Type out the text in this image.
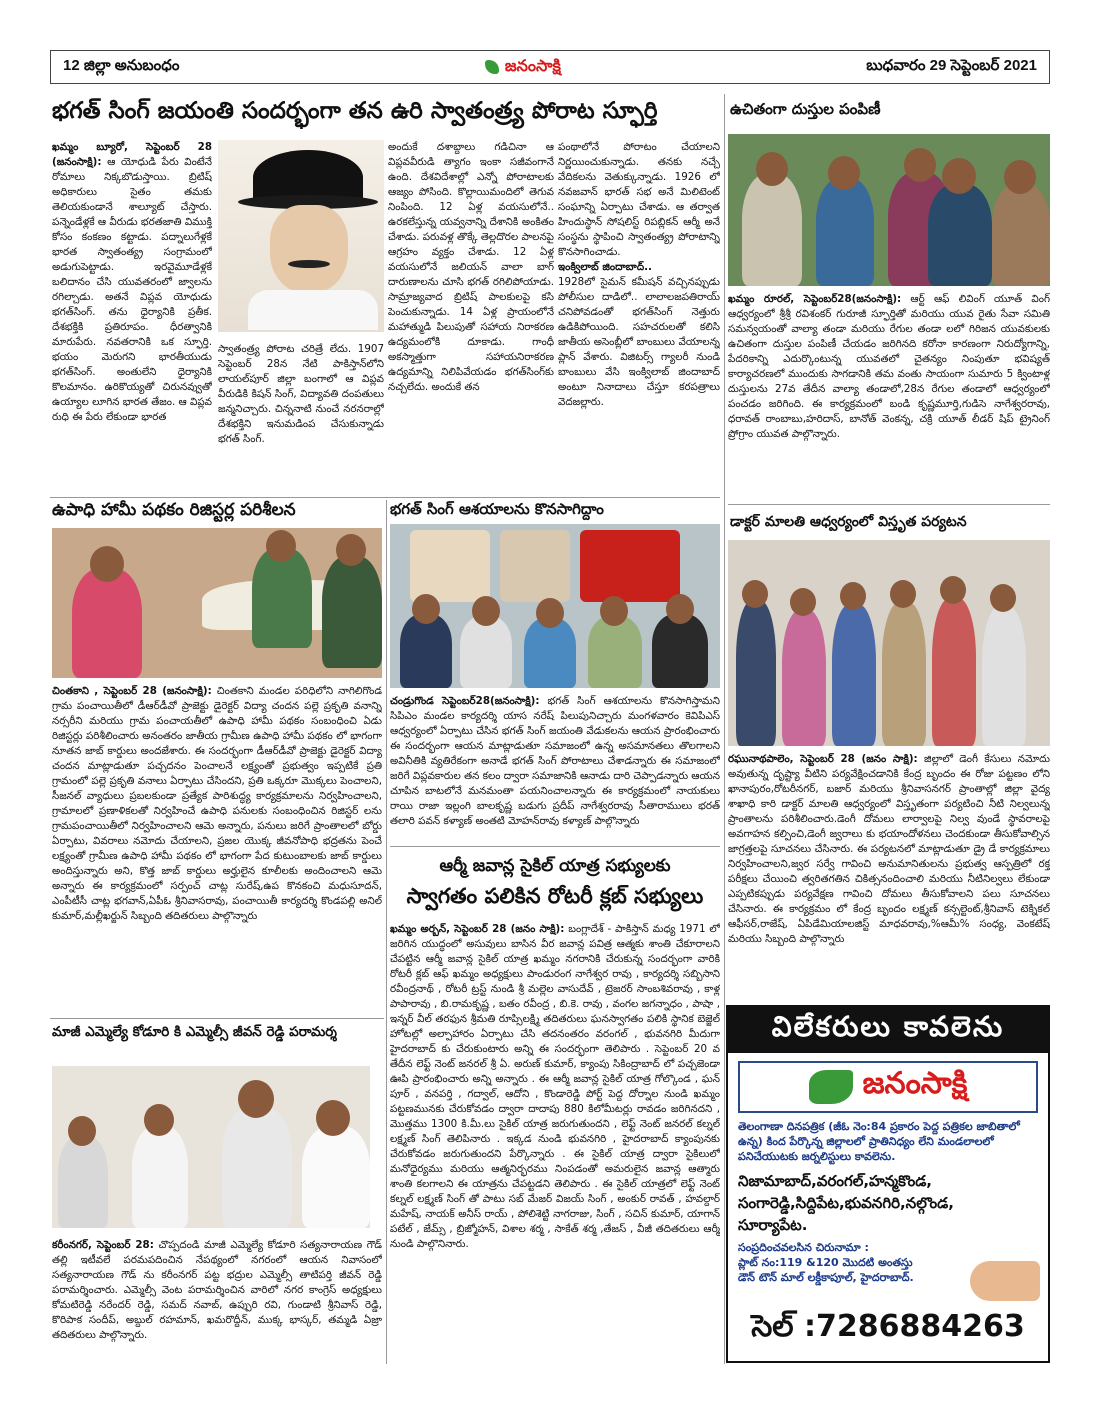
12 జిల్లా అనుబంధం	జనంసాక్షి	బుధవారం 29 సెప్టెంబర్ 2021
భగత్ సింగ్ జయంతి సందర్భంగా తన ఉరి స్వాతంత్ర్య పోరాట స్ఫూర్తి
ఖమ్మం బ్యూరో, సెప్టెంబర్ 28 (జనంసాక్షి): ఆ యోధుడి పేరు వింటేనే రోమాలు నిక్కబొడుస్తాయి. బ్రిటిష్ అధికారులు సైతం తమకు తెలియకుండానే శాల్యూట్ చేస్తారు. పన్నెండేళ్లకే ఆ వీరుడు భరతజాతి విముక్తి కోసం కంకణం కట్టాడు. పద్నాలుగేళ్లకే భారత స్వాతంత్య్ర సంగ్రామంలో అడుగుపెట్టాడు. ఇరవైమూడేళ్లకే బలిదానం చేసి యువతరంలో జ్వాలను రగిల్చాడు. అతనే విప్లవ యోధుడు భగత్‌సింగ్. తను ధైర్యానికి ప్రతీక. దేశభక్తికి ప్రతిరూపం. ధీరత్వానికి మారుపేరు. నవతరానికి ఒక స్ఫూర్తి. భయం మెరుగని భారతీయుడు భగత్‌సింగ్. అంతులేని ధైర్యానికి కొలమానం. ఉరికొయ్యతో చిరునవ్వుతో ఉయ్యాల లూగిన భారత తేజం. ఆ విప్లవ రుధి ఈ పేరు లేకుండా భారత
స్వాతంత్ర్య పోరాట చరిత్రే లేదు. 1907 సెప్టెంబర్ 28న నేటి పాకిస్తాన్‌లోని లాయల్‌పూర్ జిల్లా బంగాలో ఆ విప్లవ వీరుడికి కిషన్ సింగ్, విద్యావతి దంపతులు జన్మనిచ్చారు. చిన్ననాటి నుంచే నరనరాల్లో దేశభక్తిని ఇనుమడింప చేసుకున్నాడు భగత్ సింగ్.
అందుకే దశాబ్దాలు గడిచినా ఆ విప్లవవీరుడి త్యాగం ఇంకా సజీవంగానే ఉంది. దేశవిదేశాల్లో ఎన్నో పోరాటాలకు ఆజ్యం పోసింది. కొల్లాయిమందిలో తెగువ నింపింది. 12 ఏళ్ల వయసులోనే.. ఉరకలేస్తున్న యవ్వనాన్ని దేశానికి అంకితం చేశాడు. పరువళ్ల తొక్కే తెల్లదొరల పాలనపై ఆగ్రహం వ్యక్తం చేశాడు. 12 ఏళ్ల వయసులోనే జలియన్ వాలా బాగ్ దారుణాలను చూసి భగత్ రగిలిపోయాడు. సామ్రాజ్యవాద బ్రిటిష్ పాలకులపై కసి పెంచుకున్నాడు. 14 ఏళ్ల ప్రాయంలోనే మహాత్ముడి పిలుపుతో సహాయ నిరాకరణ ఉద్యమంలోకి దూకాడు. గాంధీ అకస్మాత్తుగా సహాయనిరాకరణ ఉద్యమాన్ని నిలిపివేయడం భగత్‌సింగ్‌కు నచ్చలేదు. అందుకే తన
పంథాలోనే పోరాటం చేయాలని నిర్ణయించుకున్నాడు. తనకు నచ్చే వేదికలను వెతుక్కున్నాడు. 1926 లో నవజవాన్ భారత్ సభ అనే మిలిటెంట్ సంఘాన్ని ఏర్పాటు చేశాడు. ఆ తర్వాత హిందుస్థాన్ సోషలిస్ట్ రిపబ్లికన్ ఆర్మీ అనే సంస్థను స్థాపించి స్వాతంత్య్ర పోరాటాన్ని కొనసాగించాడు.
ఇంక్విలాబ్ జిందాబాద్..
1928లో సైమన్ కమీషన్ వచ్చినప్పుడు పోలీసుల దాడిలో.. లాలాలజపతిరాయ్ చనిపోవడంతో భగత్‌సింగ్ నెత్తురు ఉడికిపోయింది. సహచరులతో కలిసి జాతీయ అసెంబ్లీలో బాంబులు వేయాలన్న ప్లాన్ వేశారు. విజిటర్స్ గ్యాలరీ నుండి బాంబులు వేసి ఇంక్విలాబ్ జిందాబాద్ అంటూ నినాదాలు చేస్తూ కరపత్రాలు వెదజల్లారు.
ఉచితంగా దుస్తుల పంపిణీ
ఖమ్మం రూరల్, సెప్టెంబర్28(జనంసాక్షి): ఆర్ట్ ఆఫ్ లివింగ్ యూత్ వింగ్ ఆధ్వర్యంలో శ్రీశ్రీ రవిశంకర్ గురూజీ స్ఫూర్తితో మరియు యువ రైతు సేవా సమితి సమన్వయంతో వాల్యా తండా మరియు రేగుల తండా లలో గిరిజన యువకులకు ఉచితంగా దుస్తుల పంపిణీ చేయడం జరిగినది కరోనా కారణంగా నిరుద్యోగాన్ని, పేదరికాన్ని ఎదుర్కొంటున్న యువతలో చైతన్యం నింపుతూ భవిష్యత్ కార్యాచరణలో ముందుకు సాగడానికి తమ వంతు సాయంగా సుమారు 5 క్వింటాళ్ల దుస్తులను 27వ తేదీన వాల్యా తండాలో,28న రేగుల తండాలో ఆధ్వర్యంలో పంచడం జరిగింది. ఈ కార్యక్రమంలో బండి కృష్ణమూర్తి,గుడిసె నాగేశ్వరరావు, ధరావత్ రాంబాబు,హరిదాస్, బానోత్ వెంకన్న, చక్రి యూత్ లీడర్ షిప్ ట్రైనింగ్ ప్రోగ్రాం యువత పాల్గొన్నారు.
ఉపాధి హామీ పథకం రిజిస్టర్ల పరిశీలన
చింతకాని , సెప్టెంబర్ 28 (జనంసాక్షి): చింతకాని మండల పరిధిలోని నాగిలిగొండ గ్రామ పంచాయితీలో డీఆర్‌డీవో ప్రాజెక్టు డైరెక్టర్ విద్యా చందన పల్లె ప్రకృతి వనాన్ని నర్సరీని మరియు గ్రామ పంచాయతీలో ఉపాధి హామీ పథకం సంబంధించి ఏడు రిజిస్టర్లు పరిశీలించారు అనంతరం జాతీయ గ్రామీణ ఉపాధి హామీ పథకం లో భాగంగా నూతన జాబ్ కార్డులు అందజేశారు. ఈ సందర్భంగా డీఆర్‌డీవో ప్రాజెక్టు డైరెక్టర్ విద్యా చందన మాట్లాడుతూ పచ్చదనం పెంచాలనే లక్ష్యంతో ప్రభుత్వం ఇప్పటికే ప్రతి గ్రామంలో పల్లె ప్రకృతి వనాలు ఏర్పాటు చేసిందని, ప్రతి ఒక్కరూ మొక్కలు పెంచాలని, సీజనల్ వ్యాధులు ప్రబలకుండా ప్రత్యేక పారిశుద్ధ్య కార్యక్రమాలను నిర్వహించాలని, గ్రామాలలో ప్రణాళికలతో నిర్వహించే ఉపాధి పనులకు సంబంధించిన రిజిస్టర్ లను గ్రామపంచాయితీలో నిర్వహించాలని ఆమె అన్నారు, పనులు జరిగే ప్రాంతాలలో బోర్డు ఏర్పాటు, వివరాలు నమోదు చేయాలని, ప్రజల యొక్క జీవనోపాధి భద్రతను పెంచే లక్ష్యంతో గ్రామీణ ఉపాధి హామీ పథకం లో భాగంగా పేద కుటుంబాలకు జాబ్ కార్డులు అందిస్తున్నారు అని, కొత్త జాబ్ కార్డులు అర్హులైన కూలీలకు అందించాలని ఆమె అన్నారు ఈ కార్యక్రమంలో సర్పంచ్ చాట్ల సురేష్,ఉప కొనకంచి మధుసూదన్, ఎంపీటీసీ చాట్ల భగవాన్,ఏపీఓ శ్రీనివాసరావు, పంచాయితీ కార్యదర్శి కొండపల్లి అనిల్ కుమార్,మల్లీఖర్జున్ సిబ్బంది తదితరులు పాల్గొన్నారు
భగత్ సింగ్ ఆశయాలను కొనసాగిద్దాం
చండ్రుగొండ సెప్టెంబర్28(జనంసాక్షి): భగత్ సింగ్ ఆశయాలను కొనసాగిస్తామని సిపిఎం మండల కార్యదర్శి యాస నరేష్ పిలుపునిచ్చారు మంగళవారం కెవిపిఎస్ ఆధ్వర్యంలో ఏర్పాటు చేసిన భగత్ సింగ్ జయంతి వేడుకలను ఆయన ప్రారంభించారు ఈ సందర్భంగా ఆయన మాట్లాడుతూ సమాజంలో ఉన్న అసమానతలు తొలగాలని అవినీతికి వ్యతిరేకంగా అనాడే భగత్ సింగ్ పోరాటాలు చేశాడన్నారు ఈ సమాజంలో జరిగే విప్లవకారుల తన కలం ద్వారా సమాజానికి ఆనాడు దారి చెప్పాడన్నారు ఆయన చూపిన బాటలోనే మనమంతా పయనించాలన్నారు ఈ కార్యక్రమంలో నాయకులు రాయి రాజా ఇల్లంగి బాలకృష్ణ బడుగు ప్రదీప్ నాగేశ్వరరావు సీతారాములు భరత్ తలారి పవన్ కళ్యాణ్ అంతటి మోహన్‌రావు కళ్యాణ్ పాల్గొన్నారు
ఆర్మీ జవాన్ల సైకిల్ యాత్ర సభ్యులకు
స్వాగతం పలికిన రోటరీ క్లబ్ సభ్యులు
ఖమ్మం అర్బన్, సెప్టెంబర్ 28 (జనం సాక్షి): బంగ్లాదేశ్ - పాకిస్తాన్ మధ్య 1971 లో జరిగిన యుద్ధంలో అసువులు బాసిన వీర జవాన్ల పవిత్ర ఆత్మకు శాంతి చేకూరాలని చేపట్టిన ఆర్మీ జవాన్ల సైకిల్ యాత్ర ఖమ్మం నగరానికి చేరుకున్న సందర్భంగా వారికి రోటరీ క్లబ్ ఆఫ్ ఖమ్మం అధ్యక్షులు పాండురంగ నాగేశ్వర రావు , కార్యదర్శి సబ్బిసాని రవీంద్రనాథ్ , రోటరీ ట్రస్ట్ నుండి శ్రీ మల్లెల వాసుదేవ్ , ట్రెజరర్ సాంబశివరావు , కాళ్ల పాపారావు , బి.రామకృష్ణ , బతం రవీంద్ర , బి.కె. రావు , వంగల జగన్నాధం , పాషా , ఇన్నర్ వీల్ తరఫున శ్రీమతి రూప్సిలక్ష్మి తదితరులు ఘనస్వాగతం పలికి స్థానిక బెజ్జెల్ హోటల్లో అల్పాహారం ఏర్పాటు చేసి తదనంతరం వరంగల్ , భువనగిరి మీదుగా హైదరాబాద్ కు చేరుకుంటారు అన్ని ఈ సందర్భంగా తెలిపారు . సెప్టెంబర్ 20 వ తేదీన లెఫ్ట్ నెంట్ జనరల్ శ్రీ ఏ. అరుణ్ కుమార్, క్యాంపు సికింద్రాబాద్ లో పచ్చజెండా ఊపి ప్రారంభించారు అన్ని అన్నారు . ఈ ఆర్మీ జవాన్ల సైకిల్ యాత్ర గోల్కొండ , ఘన్ పూర్ , వనపర్తి , గద్వాల్, ఆదోని , కొండారెడ్డి పోర్ట్ పెద్ద దోర్నాల నుండి ఖమ్మం పట్టణమునకు చేరుకోవడం ద్వారా దాదాపు 880 కిలోమీటర్లు రావడం జరిగినదని , మొత్తము 1300 కి.మీ.లు సైకిల్ యాత్ర జరుగుతుందని , లెఫ్ట్ నెంట్ జనరల్ కల్నల్ లక్ష్మణ్ సింగ్ తెలిపినారు . ఇక్కడ నుండి భువనగిరి , హైదరాబాద్ క్యాంపునకు చేరుకోవడం జరుగుతుందని పేర్కొన్నారు . ఈ సైకిల్ యాత్ర ద్వారా సైకిలులో మనోధైర్యము మరియు ఆత్మనిర్భరము నింపడంతో అమరులైన జవాన్ల ఆత్మారు శాంతి కలగాలని ఈ యాత్రను చేపట్టడని తెలిపారు . ఈ సైకిల్ యాత్రలో లెఫ్ట్ నెంట్ కల్నల్ లక్ష్మణ్ సింగ్ తో పాటు సబ్ మేజర్ విజయ్ సింగ్ , అంకుర్ రావత్ , హవల్దార్ మహేష్, నాయక్ అనీస్ రాయ్ , పోలిశెట్టి నాగరాజు, సింగ్ , సచిన్ కుమార్, యాగాన్ పటేల్ , జేమ్స్ , బ్రిజ్మోహన్, విశాల శర్మ , సాకేత్ శర్మ ,తేజస్ , వీజీ తదితరులు ఆర్మీ నుండి పాల్గొనినారు.
డాక్టర్ మాలతి ఆధ్వర్యంలో విస్తృత పర్యటన
రఘునాథపాలెం, సెప్టెంబర్ 28 (జనం సాక్షి): జిల్లాలో డెంగీ కేసులు నమోదు అవుతున్న దృష్ట్యా వీటిని పర్యవేక్షించడానికి కేంద్ర బృందం ఈ రోజు పట్టణం లోని ఖానాపురం,రోటరీనగర్, బజార్ మరియు శ్రీనివాసనగర్ ప్రాంతాల్లో జిల్లా వైద్య శాఖాధి కారి డాక్టర్ మాలతి ఆధ్వర్యంలో విస్తృతంగా పర్యటించి నీటి నిల్వలున్న ప్రాంతాలను పరిశీలించారు.డెంగీ దోమలు లార్వాలపై నిల్వ వుండే స్థావరాలపై అవగాహన కల్పించి,డెంగీ జ్వరాలు కు భయాందోళనలు చెందకుండా తీసుకోవాల్సిన జాగ్రత్తలపై సూచనలు చేసినారు. ఈ పర్యటనలో మాట్లాడుతూ డ్రై డే కార్యక్రమాలు నిర్వహించాలని,జ్వర సర్వే గావించి అనుమానితులను ప్రభుత్వ ఆస్పత్రిలో రక్త పరీక్షలు చేయించి త్వరితగతిన చికిత్సనందించాలి మరియు నీటినిల్వలు లేకుండా ఎప్పటికప్పుడు పర్యవేక్షణ గావించి దోమలు తీసుకోవాలని పలు సూచనలు చేసినారు. ఈ కార్యక్రమం లో కేంద్ర బృందం లక్ష్మణ్ కన్సల్టెంట్,శ్రీనివాస్ టెక్నికల్ ఆఫీసర్,రాజేష్, ఏపిడేమియాలజిస్ట్ మాధవరావు,%ఆమీ% సంధ్య, వెంకటేష్ మరియు సిబ్బంది పాల్గొన్నారు
మాజీ ఎమ్మెల్యే కోడూరి కి ఎమ్మెల్సీ జీవన్ రెడ్డి పరామర్శ
కరీంనగర్, సెప్టెంబర్ 28: చొప్పదండి మాజీ ఎమ్మెల్యే కోడూరి సత్యనారాయణ గౌడ్ తల్లి ఇటీవలే పరమపదించిన నేపథ్యంలో నగరంలో ఆయన నివాసంలో సత్యనారాయణ గౌడ్ ను కరీంనగర్ పట్ట భద్రుల ఎమ్మెల్సీ తాటిపర్తి జీవన్ రెడ్డి పరామర్శించారు. ఎమ్మెల్సీ వెంట పరామర్శించిన వారిలో నగర కాంగ్రెస్ అధ్యక్షులు కోమటిరెడ్డి నరేందర్ రెడ్డి, సమద్ నవాబ్, ఉప్పురి రవి, గుండాటి శ్రీనివాస్ రెడ్డి, కొరిపాక సందీప్, అబ్దుల్ రహమాన్, ఖమరొద్దీన్, ముక్క భాస్కర్, తమ్మడి ఏజ్రా తదితరులు పాల్గొన్నారు.
విలేకరులు కావలెను
జనంసాక్షి
తెలంగాణా దినపత్రిక (జీఓ నెం:84 ప్రకారం పెద్ద పత్రికల జాబితాలో ఉన్న) కింద పేర్కొన్న జిల్లాలలో ప్రాతినిధ్యం లేని మండలాలలో పనిచేయుటకు జర్నలిస్టులు కావలెను.
నిజామాబాద్,వరంగల్,హన్మకొండ,
సంగారెడ్డి,సిద్దిపేట,భువనగిరి,నల్గొండ,
సూర్యాపేట.
సంప్రదించవలసిన చిరునామా :
ప్లాట్ నం:119 &120 మొదటి అంతస్తు
డౌన్ టౌన్ మాల్ లక్డీకాపూల్, హైదరాబాద్.
సెల్ :7286884263
